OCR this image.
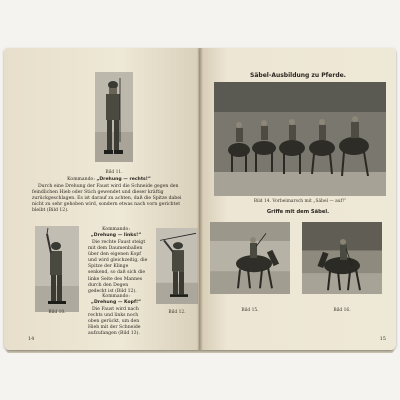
Bild 11.
Kommando: „Drehung — rechts!“

Durch eine Drehung der Faust wird die Schneide gegen den feindlichen Hieb oder Stich gewendet und dieser kräftig zurückgeschlagen. Es ist darauf zu achten, daß die Spitze dabei nicht zu sehr gehoben wird, sondern etwas nach vorn gerichtet bleibt (Bild 12).

Bild 10.
Kommando:
„Drehung — links!“

Die rechte Faust steigt mit dem Daumenballen über den eigenen Kopf und wird gleichzeitig, die Spitze der Klinge senkend, so daß sich die linke Seite des Mannes durch den Degen gedeckt ist (Bild 12).

Kommando:
„Drehung — Kopf!“

Die Faust wird nach rechts und links noch oben gerückt, um den Hieb mit der Schneide aufzufangen (Bild 13).

Bild 12.
14
Säbel-Ausbildung zu Pferde.
Bild 14. Vorbeimarsch mit „Säbel — auf!“
Griffe mit dem Säbel.
Bild 15.	Bild 16.
15
